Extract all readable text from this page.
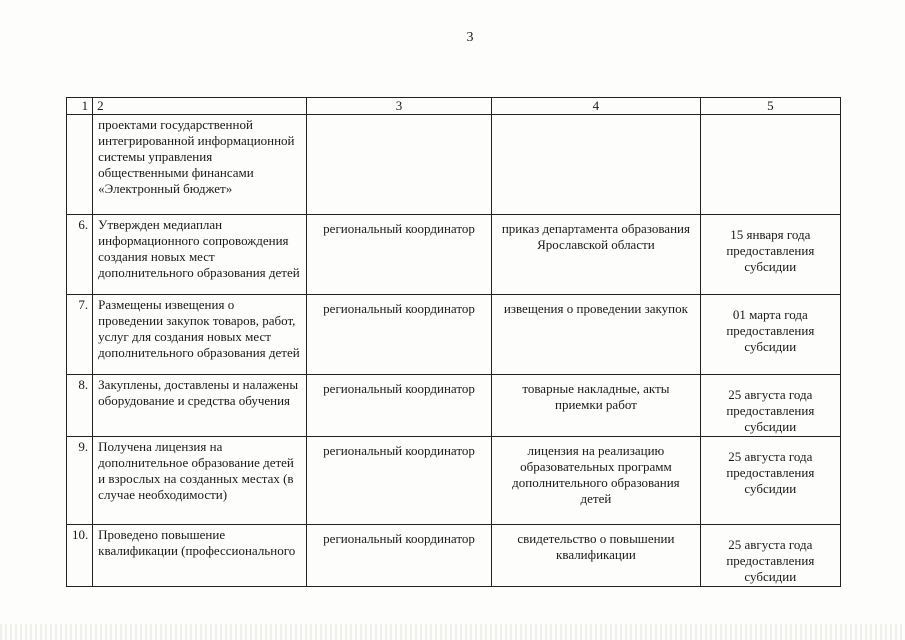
3
1	2	3	4	5
	проектами государственной интегрированной информационной системы управления общественными финансами «Электронный бюджет»			
6.	Утвержден медиаплан информационного сопровождения создания новых мест дополнительного образования детей	региональный координатор	приказ департамента образования Ярославской области	15 января года предоставления субсидии
7.	Размещены извещения о проведении закупок товаров, работ, услуг для создания новых мест дополнительного образования детей	региональный координатор	извещения о проведении закупок	01 марта года предоставления субсидии
8.	Закуплены, доставлены и налажены оборудование и средства обучения	региональный координатор	товарные накладные, акты приемки работ	25 августа года предоставления субсидии
9.	Получена лицензия на дополнительное образование детей и взрослых на созданных местах (в случае необходимости)	региональный координатор	лицензия на реализацию образовательных программ дополнительного образования детей	25 августа года предоставления субсидии
10.	Проведено повышение квалификации (профессионального	региональный координатор	свидетельство о повышении квалификации	25 августа года предоставления субсидии
